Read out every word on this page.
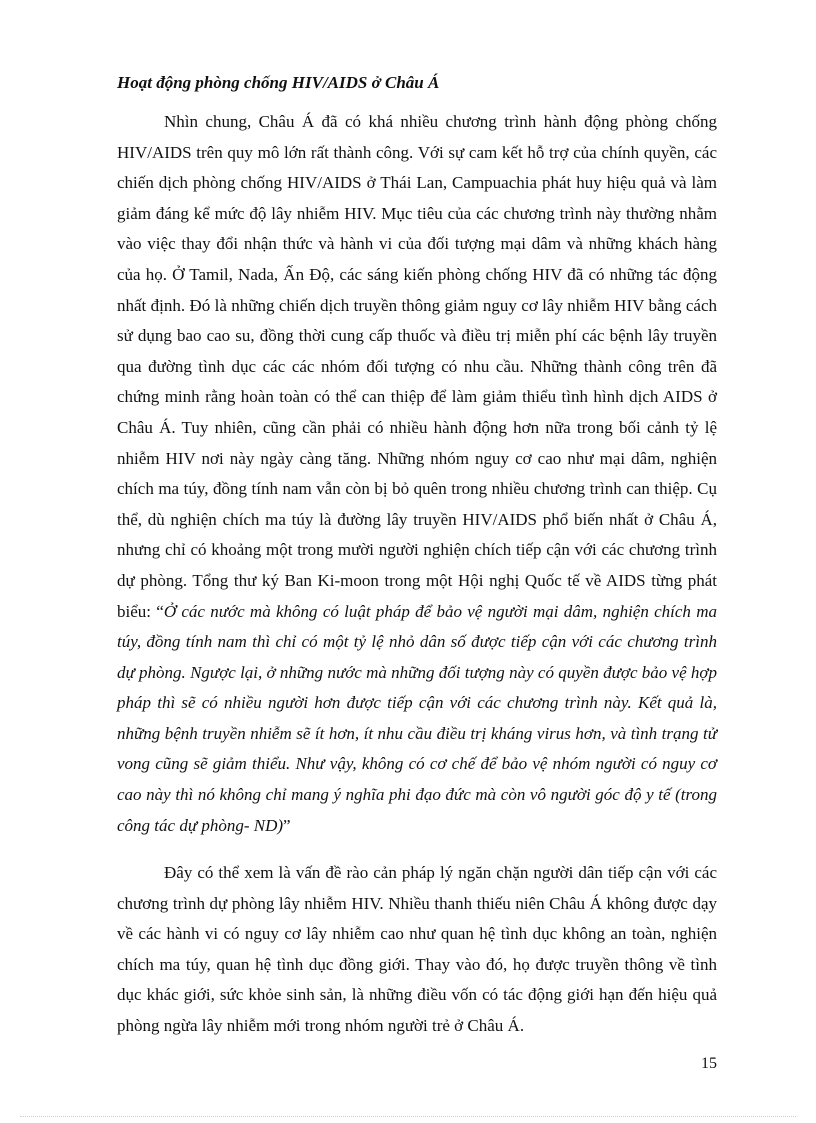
Hoạt động phòng chống HIV/AIDS ở Châu Á

Nhìn chung, Châu Á đã có khá nhiều chương trình hành động phòng chống HIV/AIDS trên quy mô lớn rất thành công. Với sự cam kết hỗ trợ của chính quyền, các chiến dịch phòng chống HIV/AIDS ở Thái Lan, Campuachia phát huy hiệu quả và làm giảm đáng kể mức độ lây nhiễm HIV. Mục tiêu của các chương trình này thường nhằm vào việc thay đổi nhận thức và hành vi của đối tượng mại dâm và những khách hàng của họ. Ở Tamil, Nada, Ấn Độ, các sáng kiến phòng chống HIV đã có những tác động nhất định. Đó là những chiến dịch truyền thông giảm nguy cơ lây nhiễm HIV bằng cách sử dụng bao cao su, đồng thời cung cấp thuốc và điều trị miễn phí các bệnh lây truyền qua đường tình dục các các nhóm đối tượng có nhu cầu. Những thành công trên đã chứng minh rằng hoàn toàn có thể can thiệp để làm giảm thiểu tình hình dịch AIDS ở Châu Á. Tuy nhiên, cũng cần phải có nhiều hành động hơn nữa trong bối cảnh tỷ lệ nhiễm HIV nơi này ngày càng tăng. Những nhóm nguy cơ cao như mại dâm, nghiện chích ma túy, đồng tính nam vẫn còn bị bỏ quên trong nhiều chương trình can thiệp. Cụ thể, dù nghiện chích ma túy là đường lây truyền HIV/AIDS phổ biến nhất ở Châu Á, nhưng chỉ có khoảng một trong mười người nghiện chích tiếp cận với các chương trình dự phòng. Tổng thư ký Ban Ki-moon trong một Hội nghị Quốc tế về AIDS từng phát biểu: “Ở các nước mà không có luật pháp để bảo vệ người mại dâm, nghiện chích ma túy, đồng tính nam thì chỉ có một tỷ lệ nhỏ dân số được tiếp cận với các chương trình dự phòng. Ngược lại, ở những nước mà những đối tượng này có quyền được bảo vệ hợp pháp thì sẽ có nhiều người hơn được tiếp cận với các chương trình này. Kết quả là, những bệnh truyền nhiễm sẽ ít hơn, ít nhu cầu điều trị kháng virus hơn, và tình trạng tử vong cũng sẽ giảm thiểu. Như vậy, không có cơ chế để bảo vệ nhóm người có nguy cơ cao này thì nó không chỉ mang ý nghĩa phi đạo đức mà còn vô người góc độ y tế (trong công tác dự phòng- ND)”

Đây có thể xem là vấn đề rào cản pháp lý ngăn chặn người dân tiếp cận với các chương trình dự phòng lây nhiễm HIV. Nhiều thanh thiếu niên Châu Á không được dạy về các hành vi có nguy cơ lây nhiễm cao như quan hệ tình dục không an toàn, nghiện chích ma túy, quan hệ tình dục đồng giới. Thay vào đó, họ được truyền thông về tình dục khác giới, sức khỏe sinh sản, là những điều vốn có tác động giới hạn đến hiệu quả phòng ngừa lây nhiễm mới trong nhóm người trẻ ở Châu Á.

15
